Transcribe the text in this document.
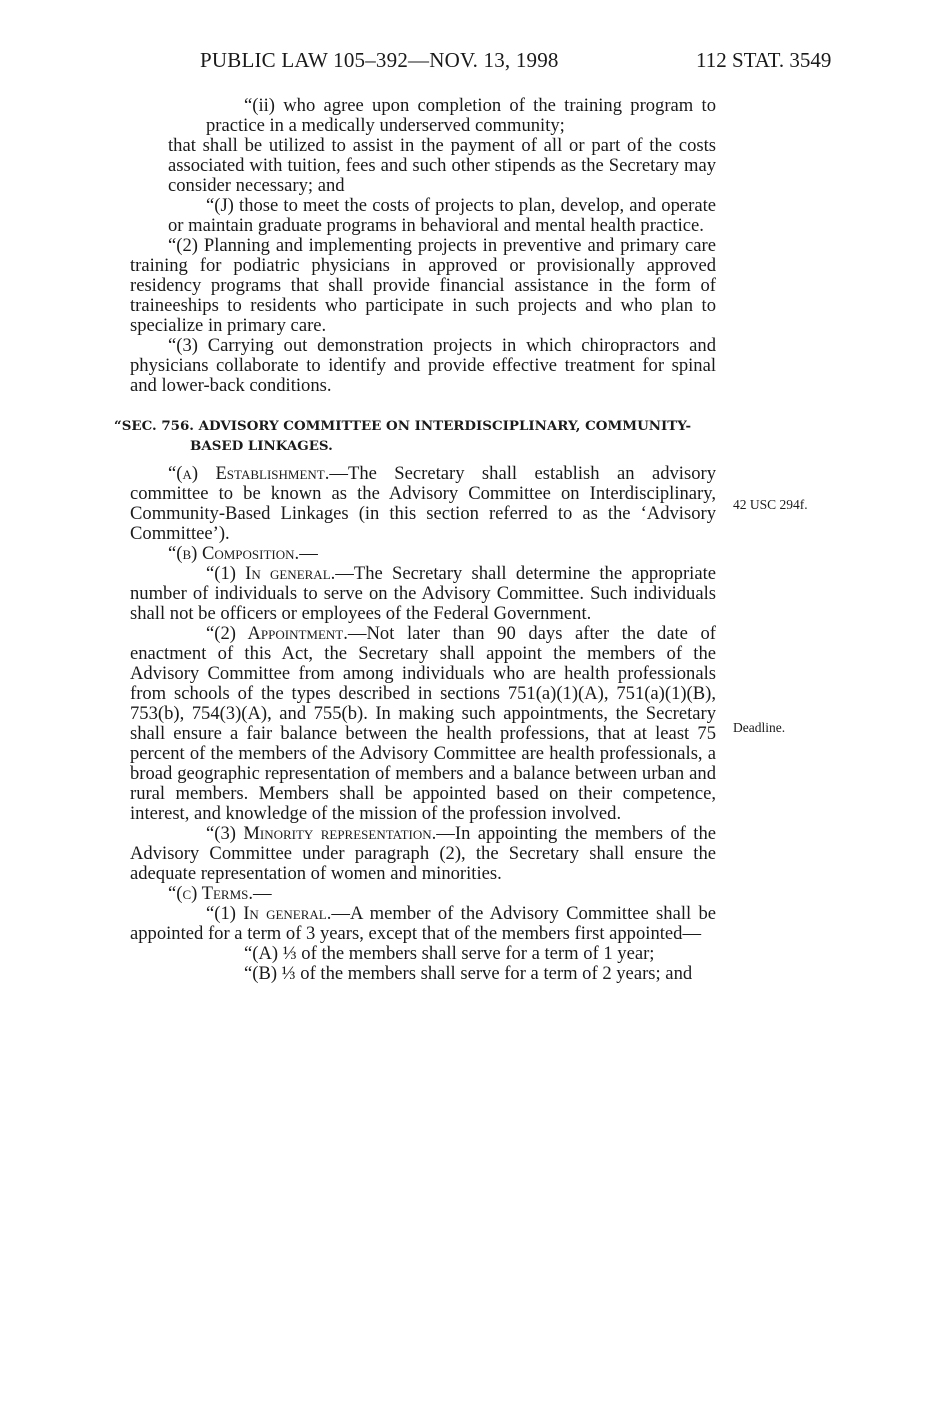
PUBLIC LAW 105–392—NOV. 13, 1998	112 STAT. 3549
42 USC 294f.
Deadline.

“(ii) who agree upon completion of the training program to practice in a medically underserved community;

that shall be utilized to assist in the payment of all or part of the costs associated with tuition, fees and such other stipends as the Secretary may consider necessary; and

“(J) those to meet the costs of projects to plan, develop, and operate or maintain graduate programs in behavioral and mental health practice.

“(2) Planning and implementing projects in preventive and primary care training for podiatric physicians in approved or provisionally approved residency programs that shall provide financial assistance in the form of traineeships to residents who participate in such projects and who plan to specialize in primary care.

“(3) Carrying out demonstration projects in which chiropractors and physicians collaborate to identify and provide effective treatment for spinal and lower-back conditions.

“SEC. 756. ADVISORY COMMITTEE ON INTERDISCIPLINARY, COMMUNITY-BASED LINKAGES.

“(a) Establishment.—The Secretary shall establish an advisory committee to be known as the Advisory Committee on Interdisciplinary, Community-Based Linkages (in this section referred to as the ‘Advisory Committee’).

“(b) Composition.—

“(1) In general.—The Secretary shall determine the appropriate number of individuals to serve on the Advisory Committee. Such individuals shall not be officers or employees of the Federal Government.

“(2) Appointment.—Not later than 90 days after the date of enactment of this Act, the Secretary shall appoint the members of the Advisory Committee from among individuals who are health professionals from schools of the types described in sections 751(a)(1)(A), 751(a)(1)(B), 753(b), 754(3)(A), and 755(b). In making such appointments, the Secretary shall ensure a fair balance between the health professions, that at least 75 percent of the members of the Advisory Committee are health professionals, a broad geographic representation of members and a balance between urban and rural members. Members shall be appointed based on their competence, interest, and knowledge of the mission of the profession involved.

“(3) Minority representation.—In appointing the members of the Advisory Committee under paragraph (2), the Secretary shall ensure the adequate representation of women and minorities.

“(c) Terms.—

“(1) In general.—A member of the Advisory Committee shall be appointed for a term of 3 years, except that of the members first appointed—

“(A) ⅓ of the members shall serve for a term of 1 year;

“(B) ⅓ of the members shall serve for a term of 2 years; and
